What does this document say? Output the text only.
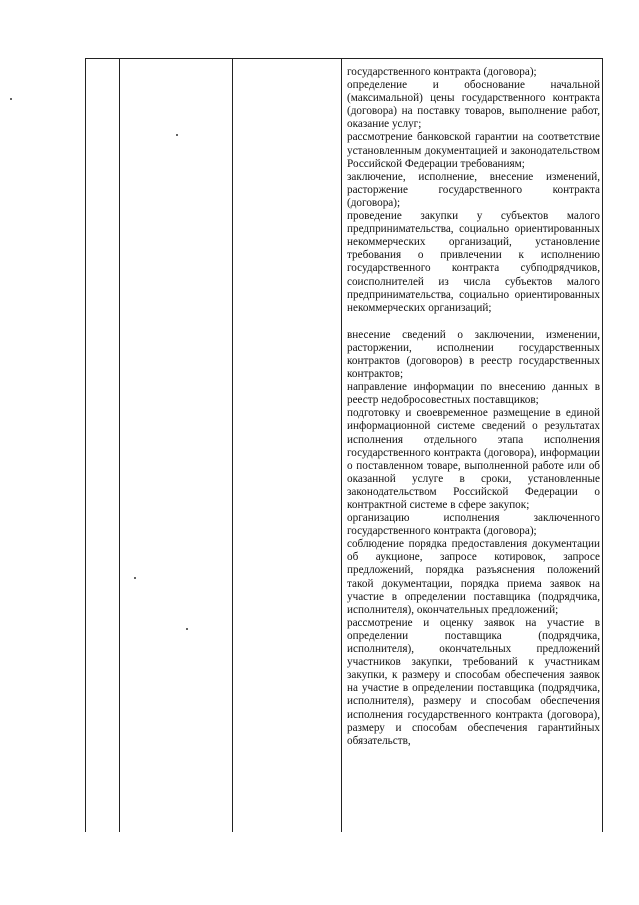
государственного контракта (договора);

определение и обоснование начальной (максимальной) цены государственного контракта (договора) на поставку товаров, выполнение работ, оказание услуг;

рассмотрение банковской гарантии на соответствие установленным документацией и законодательством Российской Федерации требованиям;

заключение, исполнение, внесение изменений, расторжение государственного контракта (договора);

проведение закупки у субъектов малого предпринимательства, социально ориентированных некоммерческих организаций, установление требования о привлечении к исполнению государственного контракта субподрядчиков, соисполнителей из числа субъектов малого предпринимательства, социально ориентированных некоммерческих организаций;

внесение сведений о заключении, изменении, расторжении, исполнении государственных контрактов (договоров) в реестр государственных контрактов;

направление информации по внесению данных в реестр недобросовестных поставщиков;

подготовку и своевременное размещение в единой информационной системе сведений о результатах исполнения отдельного этапа исполнения государственного контракта (договора), информации о поставленном товаре, выполненной работе или об оказанной услуге в сроки, установленные законодательством Российской Федерации о контрактной системе в сфере закупок;

организацию исполнения заключенного государственного контракта (договора);

соблюдение порядка предоставления документации об аукционе, запросе котировок, запросе предложений, порядка разъяснения положений такой документации, порядка приема заявок на участие в определении поставщика (подрядчика, исполнителя), окончательных предложений;

рассмотрение и оценку заявок на участие в определении поставщика (подрядчика, исполнителя), окончательных предложений участников закупки, требований к участникам закупки, к размеру и способам обеспечения заявок на участие в определении поставщика (подрядчика, исполнителя), размеру и способам обеспечения исполнения государственного контракта (договора), размеру и способам обеспечения гарантийных обязательств,
